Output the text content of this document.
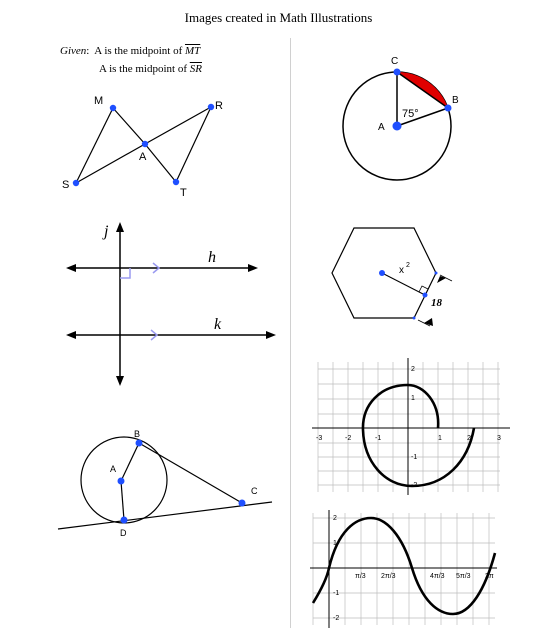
Images created in Math Illustrations
Given: A is the midpoint of $\overline{MT}$
A is the midpoint of $\overline{SR}$
M	R
A
S
T
j
h
k
B
A
C
D
C
B
A
75°
x 2
18
-3	-2	-1	1	2	3
2
1
-1
-2
π/3 2π/3	4π/3 5π/3 2π
2
1
-1
-2
